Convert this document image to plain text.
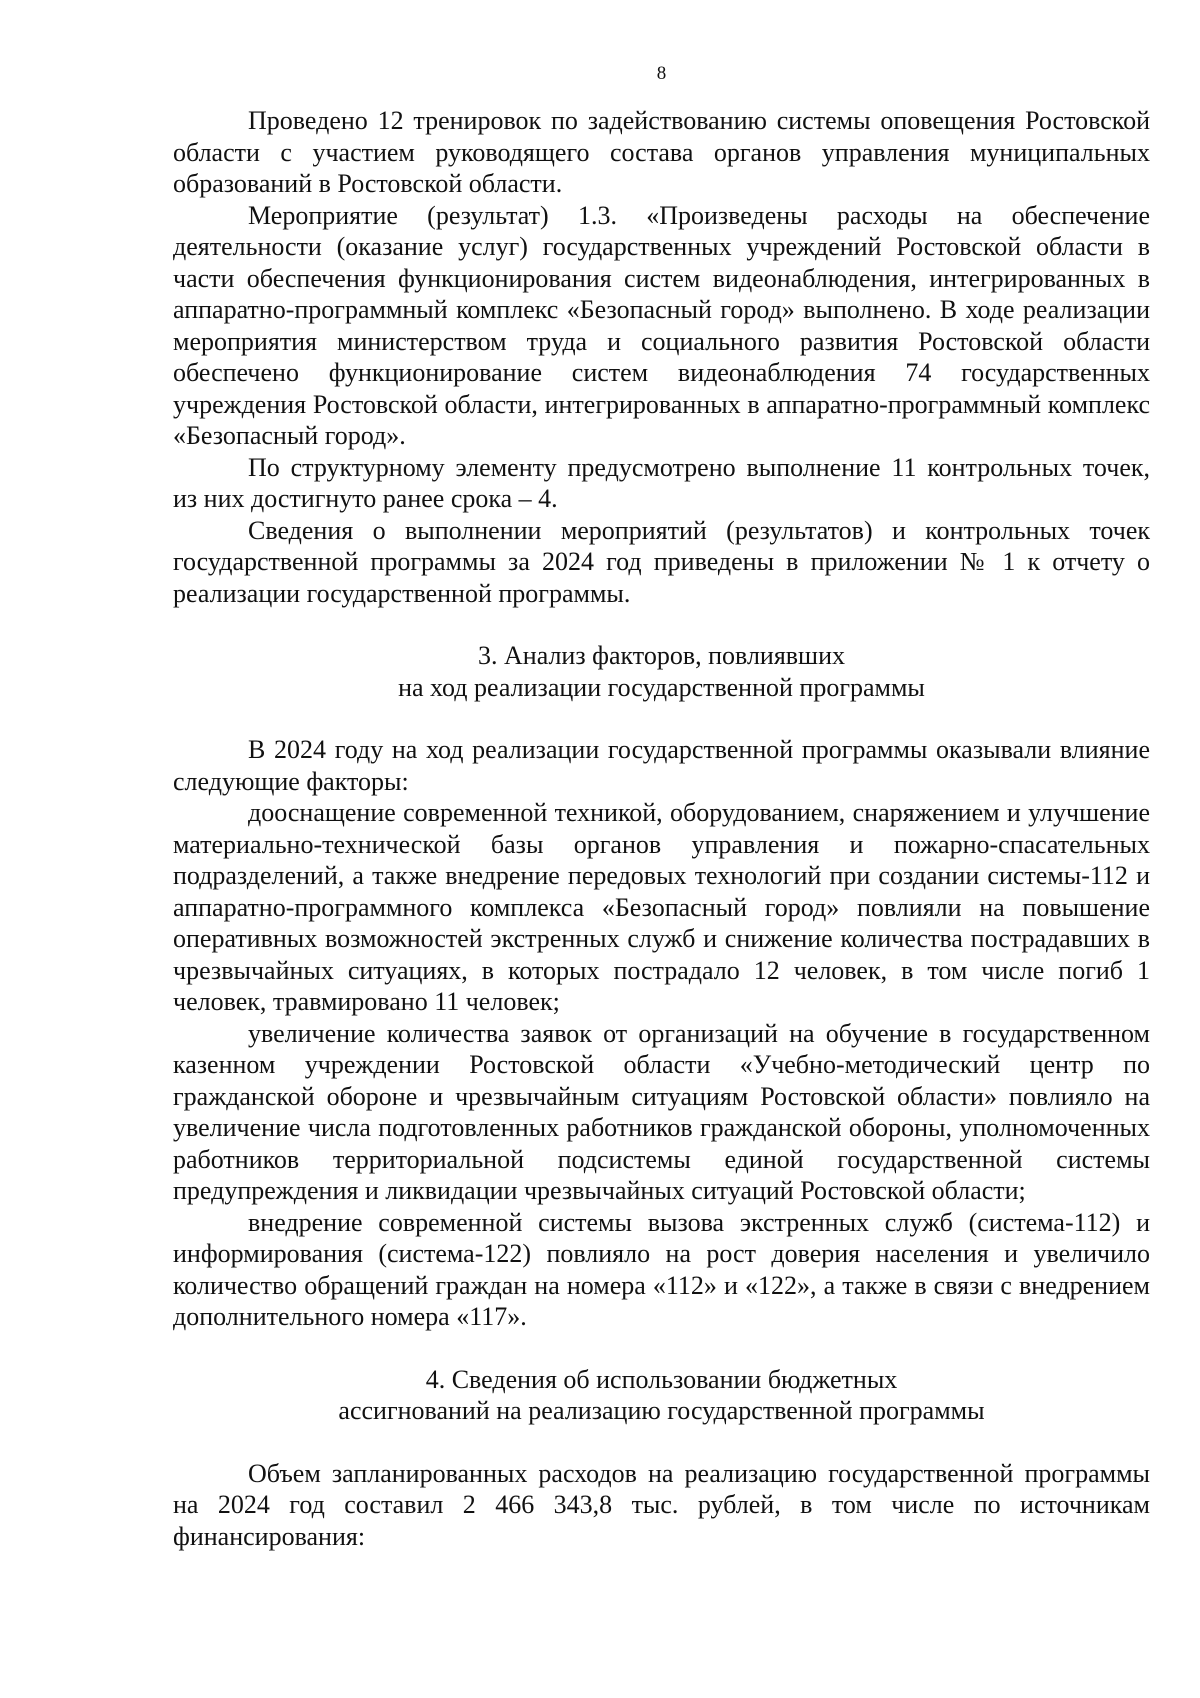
8

Проведено 12 тренировок по задействованию системы оповещения Ростовской области с участием руководящего состава органов управления муниципальных образований в Ростовской области.

Мероприятие (результат) 1.3. «Произведены расходы на обеспечение деятельности (оказание услуг) государственных учреждений Ростовской области в части обеспечения функционирования систем видеонаблюдения, интегрированных в аппаратно-программный комплекс «Безопасный город» выполнено. В ходе реализации мероприятия министерством труда и социального развития Ростовской области обеспечено функционирование систем видеонаблюдения 74 государственных учреждения Ростовской области, интегрированных в аппаратно-программный комплекс «Безопасный город».

По структурному элементу предусмотрено выполнение 11 контрольных точек, из них достигнуто ранее срока – 4.

Сведения о выполнении мероприятий (результатов) и контрольных точек государственной программы за 2024 год приведены в приложении № 1 к отчету о реализации государственной программы.

3. Анализ факторов, повлиявших
на ход реализации государственной программы

В 2024 году на ход реализации государственной программы оказывали влияние следующие факторы:

дооснащение современной техникой, оборудованием, снаряжением и улучшение материально-технической базы органов управления и пожарно-спасательных подразделений, а также внедрение передовых технологий при создании системы-112 и аппаратно-программного комплекса «Безопасный город» повлияли на повышение оперативных возможностей экстренных служб и снижение количества пострадавших в чрезвычайных ситуациях, в которых пострадало 12 человек, в том числе погиб 1 человек, травмировано 11 человек;

увеличение количества заявок от организаций на обучение в государственном казенном учреждении Ростовской области «Учебно-методический центр по гражданской обороне и чрезвычайным ситуациям Ростовской области» повлияло на увеличение числа подготовленных работников гражданской обороны, уполномоченных работников территориальной подсистемы единой государственной системы предупреждения и ликвидации чрезвычайных ситуаций Ростовской области;

внедрение современной системы вызова экстренных служб (система-112) и информирования (система-122) повлияло на рост доверия населения и увеличило количество обращений граждан на номера «112» и «122», а также в связи с внедрением дополнительного номера «117».

4. Сведения об использовании бюджетных
ассигнований на реализацию государственной программы

Объем запланированных расходов на реализацию государственной программы на 2024 год составил 2 466 343,8 тыс. рублей, в том числе по источникам финансирования:
